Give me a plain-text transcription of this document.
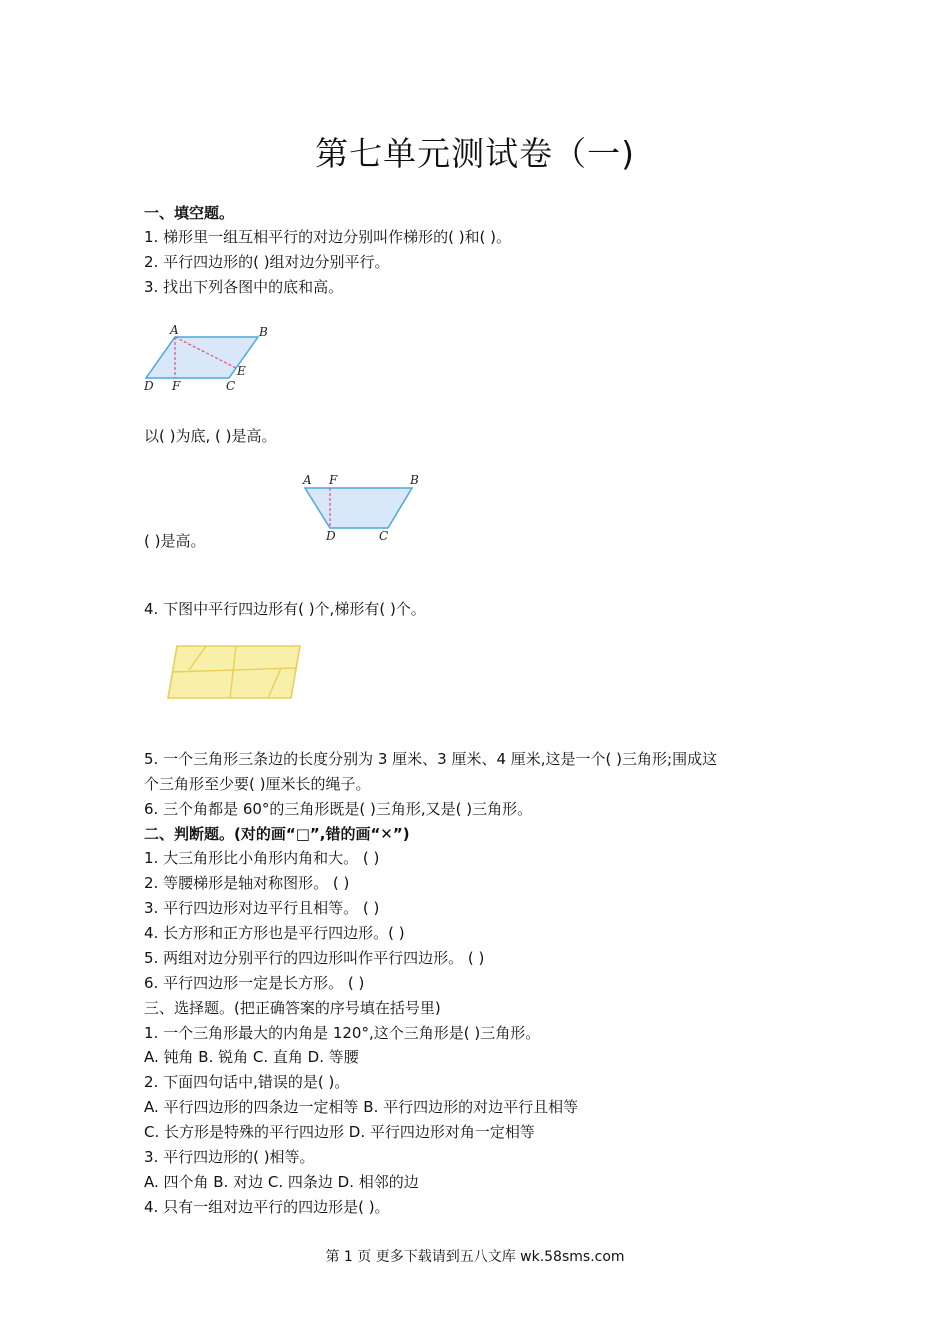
第七单元测试卷（一)
一、填空题。
1. 梯形里一组互相平行的对边分别叫作梯形的( )和( )。
2. 平行四边形的( )组对边分别平行。
3. 找出下列各图中的底和高。
A	B
C
D
E
F
以( )为底, ( )是高。
A F	B
D	C
( )是高。
4. 下图中平行四边形有( )个,梯形有( )个。
5. 一个三角形三条边的长度分别为 3 厘米、3 厘米、4 厘米,这是一个( )三角形;围成这
个三角形至少要( )厘米长的绳子。
6. 三个角都是 60°的三角形既是( )三角形,又是( )三角形。
二、判断题。(对的画“□”,错的画“✕”)
1. 大三角形比小角形内角和大。 ( )
2. 等腰梯形是轴对称图形。 ( )
3. 平行四边形对边平行且相等。 ( )
4. 长方形和正方形也是平行四边形。( )
5. 两组对边分别平行的四边形叫作平行四边形。 ( )
6. 平行四边形一定是长方形。 ( )
三、选择题。(把正确答案的序号填在括号里)
1. 一个三角形最大的内角是 120°,这个三角形是( )三角形。
A. 钝角 B. 锐角 C. 直角 D. 等腰
2. 下面四句话中,错误的是( )。
A. 平行四边形的四条边一定相等 B. 平行四边形的对边平行且相等
C. 长方形是特殊的平行四边形 D. 平行四边形对角一定相等
3. 平行四边形的( )相等。
A. 四个角 B. 对边 C. 四条边 D. 相邻的边
4. 只有一组对边平行的四边形是( )。
第 1 页 更多下载请到五八文库 wk.58sms.com
